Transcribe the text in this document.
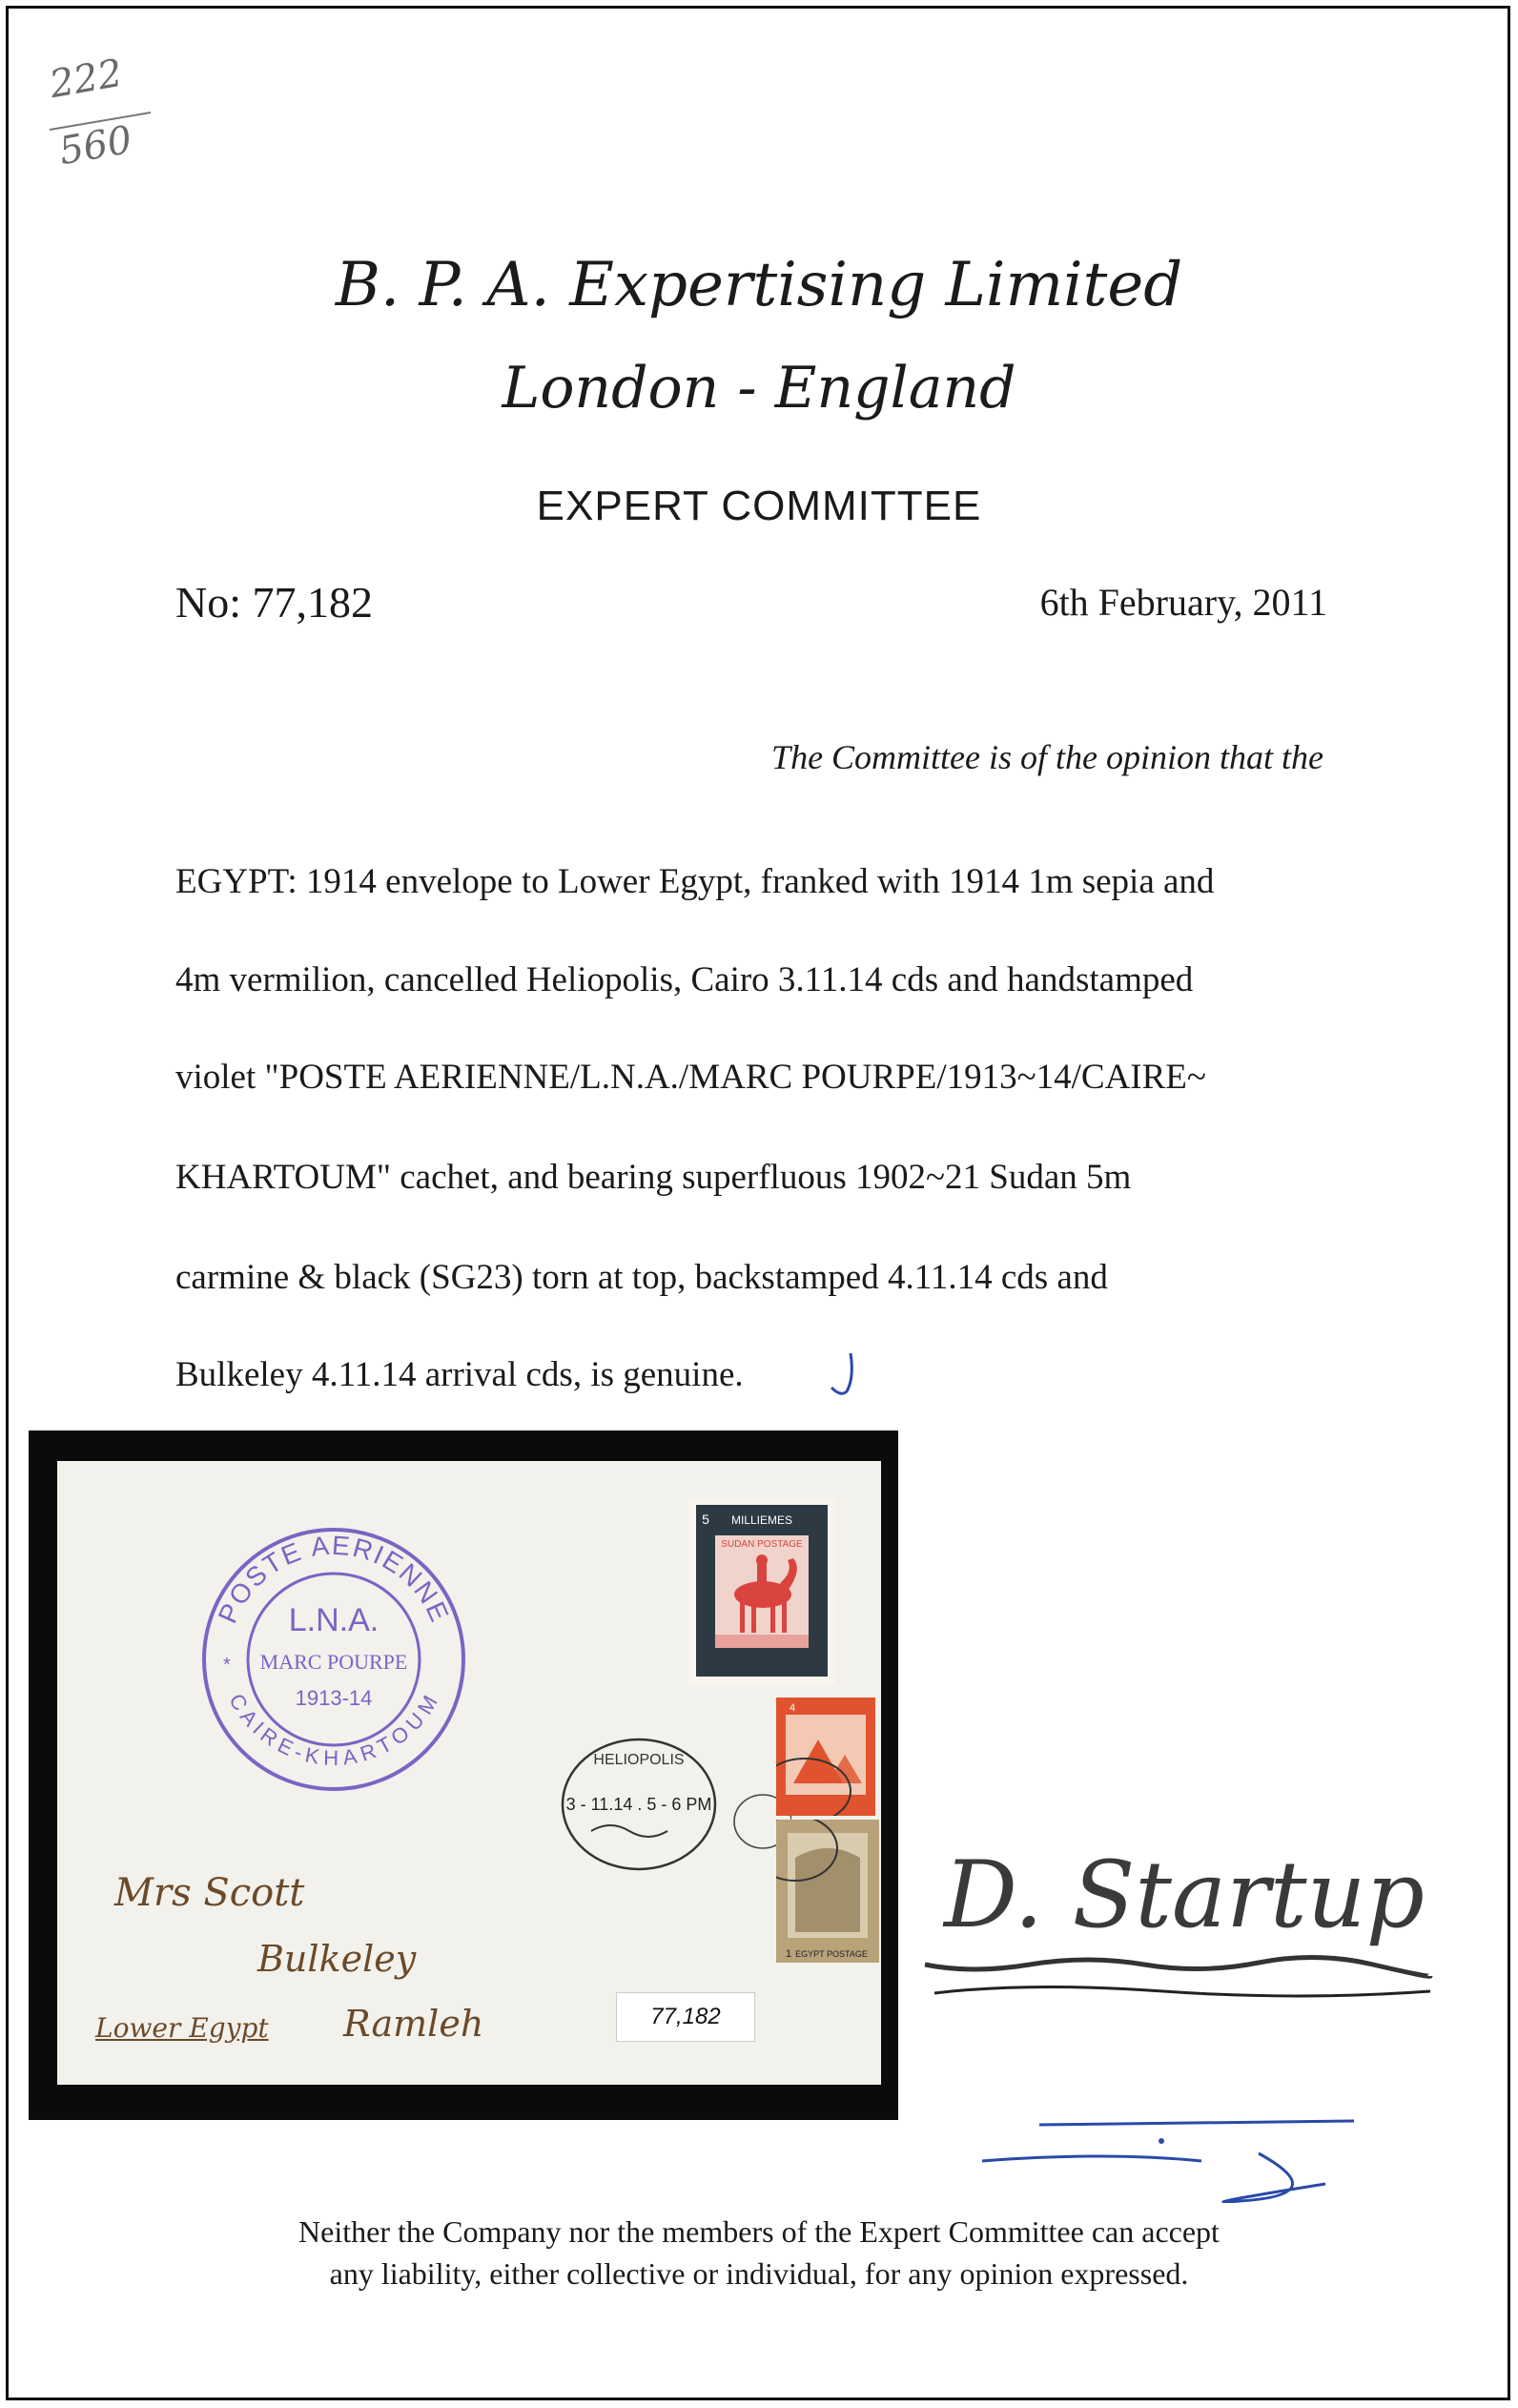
222
560
B. P. A. Expertising Limited
London - England
EXPERT COMMITTEE
No: 77,182	6th February, 2011
The Committee is of the opinion that the
EGYPT: 1914 envelope to Lower Egypt, franked with 1914 1m sepia and
4m vermilion, cancelled Heliopolis, Cairo 3.11.14 cds and handstamped
violet "POSTE AERIENNE/L.N.A./MARC POURPE/1913~14/CAIRE~
KHARTOUM" cachet, and bearing superfluous 1902~21 Sudan 5m
carmine & black (SG23) torn at top, backstamped 4.11.14 cds and
Bulkeley 4.11.14 arrival cds, is genuine.
POSTE AERIENNE
CAIRE-KHARTOUM
L.N.A.
MARC POURPE
1913-14
*
HELIOPOLIS
3 - 11.14 . 5 - 6 PM
MILLIEMES
SUDAN POSTAGE
5
4
1 EGYPT POSTAGE
Mrs Scott
Bulkeley
Lower Egypt Ramleh	77,182
D. Startup
Neither the Company nor the members of the Expert Committee can accept
any liability, either collective or individual, for any opinion expressed.
